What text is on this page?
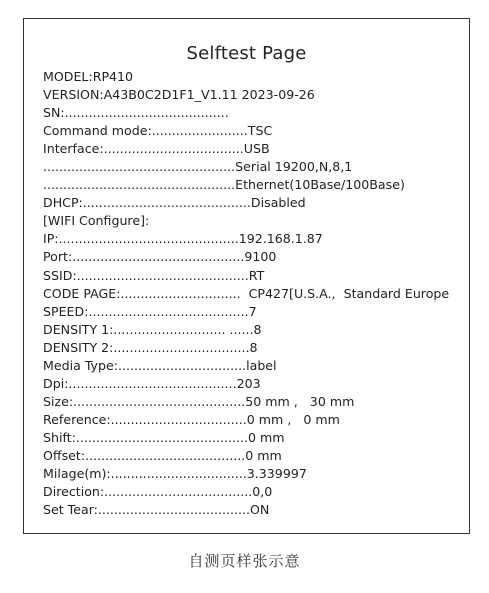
Selftest Page
MODEL:RP410
VERSION:A43B0C2D1F1_V1.11 2023-09-26
SN:.........................................
Command mode:........................TSC
Interface:...................................USB
................................................Serial 19200,N,8,1
................................................Ethernet(10Base/100Base)
DHCP:..........................................Disabled
[WIFI Configure]:
IP:.............................................192.168.1.87
Port:...........................................9100
SSID:...........................................RT
CODE PAGE:..............................  CP427[U.S.A.,  Standard Europe
SPEED:........................................7
DENSITY 1:............................ ......8
DENSITY 2:..................................8
Media Type:................................label
Dpi:..........................................203
Size:...........................................50 mm ,   30 mm
Reference:..................................0 mm ,   0 mm
Shift:...........................................0 mm
Offset:........................................0 mm
Milage(m):..................................3.339997
Direction:.....................................0,0
Set Tear:......................................ON
自测页样张示意
